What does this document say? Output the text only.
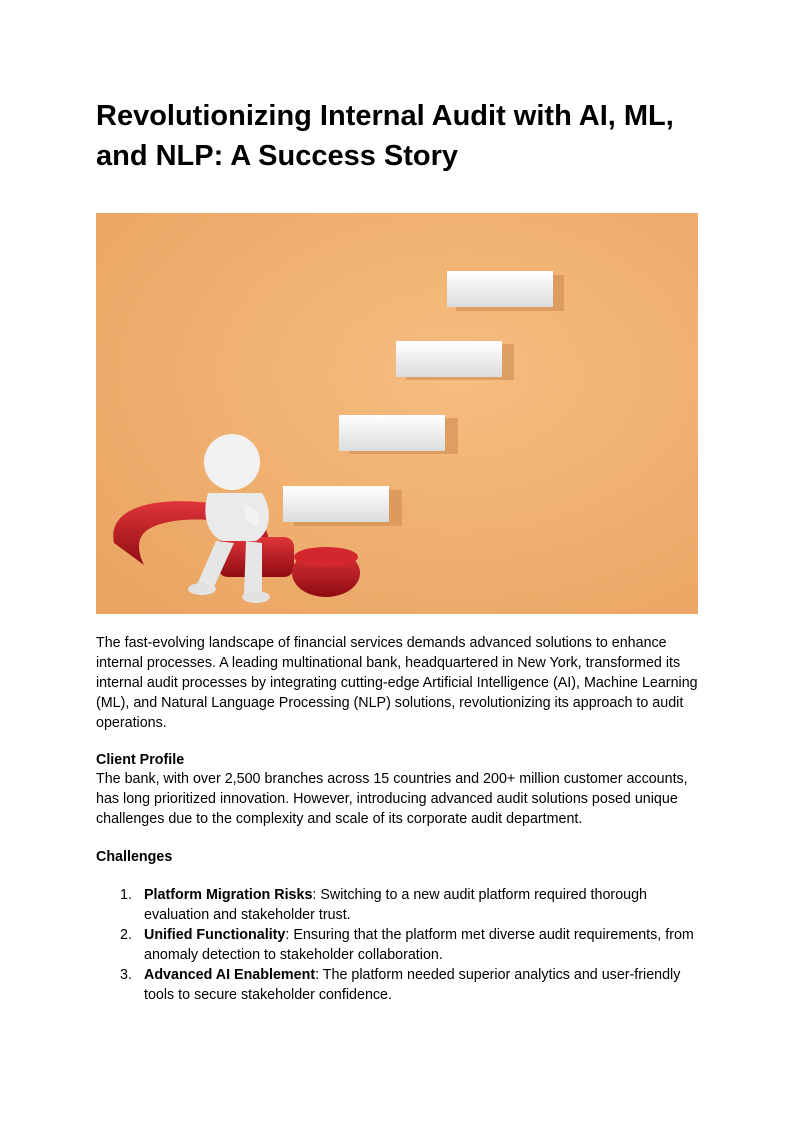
Revolutionizing Internal Audit with AI, ML, and NLP: A Success Story

The fast-evolving landscape of financial services demands advanced solutions to enhance internal processes. A leading multinational bank, headquartered in New York, transformed its internal audit processes by integrating cutting-edge Artificial Intelligence (AI), Machine Learning (ML), and Natural Language Processing (NLP) solutions, revolutionizing its approach to audit operations.

Client Profile

The bank, with over 2,500 branches across 15 countries and 200+ million customer accounts, has long prioritized innovation. However, introducing advanced audit solutions posed unique challenges due to the complexity and scale of its corporate audit department.

Challenges

1. Platform Migration Risks: Switching to a new audit platform required thorough evaluation and stakeholder trust.
2. Unified Functionality: Ensuring that the platform met diverse audit requirements, from anomaly detection to stakeholder collaboration.
3. Advanced AI Enablement: The platform needed superior analytics and user-friendly tools to secure stakeholder confidence.
